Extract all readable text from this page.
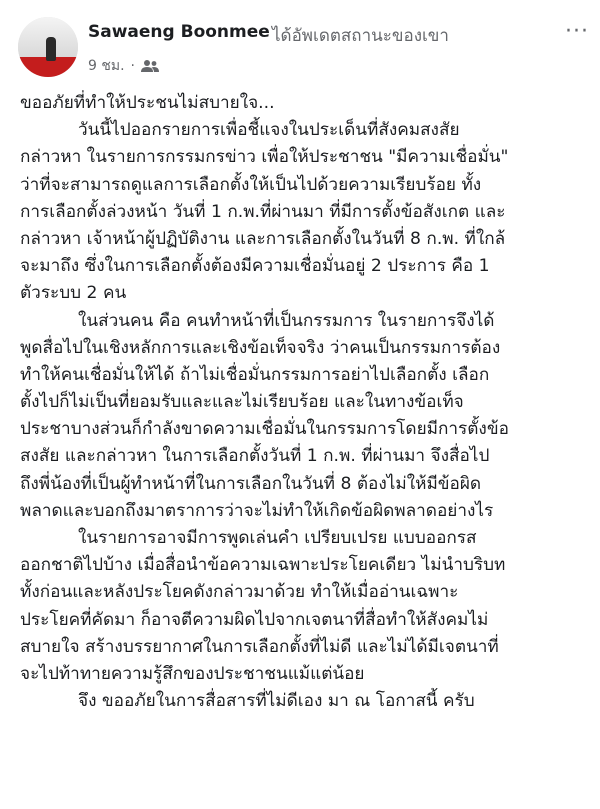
Sawaeng Boonmee ได้อัพเดตสถานะของเขา	···
9 ชม. ·
ขออภัยที่ทำให้ประชนไม่สบายใจ...
วันนี้ไปออกรายการเพื่อชี้แจงในประเด็นที่สังคมสงสัย
กล่าวหา ในรายการกรรมกรข่าว เพื่อให้ประชาชน "มีความเชื่อมั่น"
ว่าที่จะสามารถดูแลการเลือกตั้งให้เป็นไปด้วยความเรียบร้อย ทั้ง
การเลือกตั้งล่วงหน้า วันที่ 1 ก.พ.ที่ผ่านมา ที่มีการตั้งข้อสังเกต และ
กล่าวหา เจ้าหน้าผู้ปฏิบัติงาน และการเลือกตั้งในวันที่ 8 ก.พ. ที่ใกล้
จะมาถึง ซึ่งในการเลือกตั้งต้องมีความเชื่อมั่นอยู่ 2 ประการ คือ 1
ตัวระบบ 2 คน
ในส่วนคน คือ คนทำหน้าที่เป็นกรรมการ ในรายการจึงได้
พูดสื่อไปในเชิงหลักการและเชิงข้อเท็จจริง ว่าคนเป็นกรรมการต้อง
ทำให้คนเชื่อมั่นให้ได้ ถ้าไม่เชื่อมั่นกรรมการอย่าไปเลือกตั้ง เลือก
ตั้งไปก็ไม่เป็นที่ยอมรับและและไม่เรียบร้อย และในทางข้อเท็จ
ประชาบางส่วนก็กำลังขาดความเชื่อมั่นในกรรมการโดยมีการตั้งข้อ
สงสัย และกล่าวหา ในการเลือกตั้งวันที่ 1 ก.พ. ที่ผ่านมา จึงสื่อไป
ถึงพี่น้องที่เป็นผู้ทำหน้าที่ในการเลือกในวันที่ 8 ต้องไม่ให้มีข้อผิด
พลาดและบอกถึงมาตราการว่าจะไม่ทำให้เกิดข้อผิดพลาดอย่างไร
ในรายการอาจมีการพูดเล่นคำ เปรียบเปรย แบบออกรส
ออกชาติไปบ้าง เมื่อสื่อนำข้อความเฉพาะประโยคเดียว ไม่นำบริบท
ทั้งก่อนและหลังประโยคดังกล่าวมาด้วย ทำให้เมื่ออ่านเฉพาะ
ประโยคที่คัดมา ก็อาจตีความผิดไปจากเจตนาที่สื่อทำให้สังคมไม่
สบายใจ สร้างบรรยากาศในการเลือกตั้งที่ไม่ดี และไม่ได้มีเจตนาที่
จะไปท้าทายความรู้สึกของประชาชนแม้แต่น้อย
จึง ขออภัยในการสื่อสารที่ไม่ดีเอง มา ณ โอกาสนี้ ครับ
